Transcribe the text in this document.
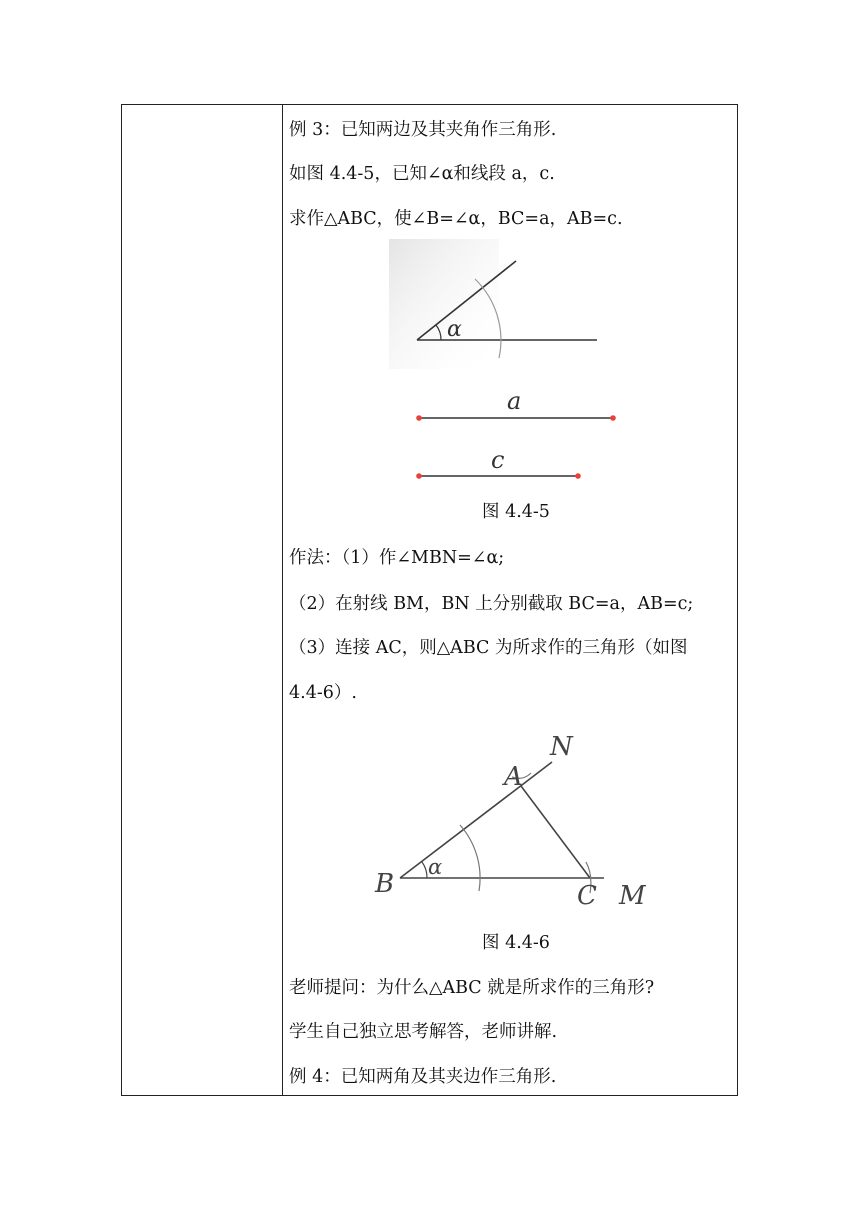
例 3：已知两边及其夹角作三角形.
如图 4.4-5，已知∠α和线段 a，c.
求作△ABC，使∠B=∠α，BC=a，AB=c.
α
a
c
图 4.4-5
作法：（1）作∠MBN=∠α;
（2）在射线 BM，BN 上分别截取 BC=a，AB=c;
（3）连接 AC，则△ABC 为所求作的三角形（如图
4.4-6）.
N
A
B	C M
α
图 4.4-6
老师提问：为什么△ABC 就是所求作的三角形?
学生自己独立思考解答，老师讲解.
例 4：已知两角及其夹边作三角形.
